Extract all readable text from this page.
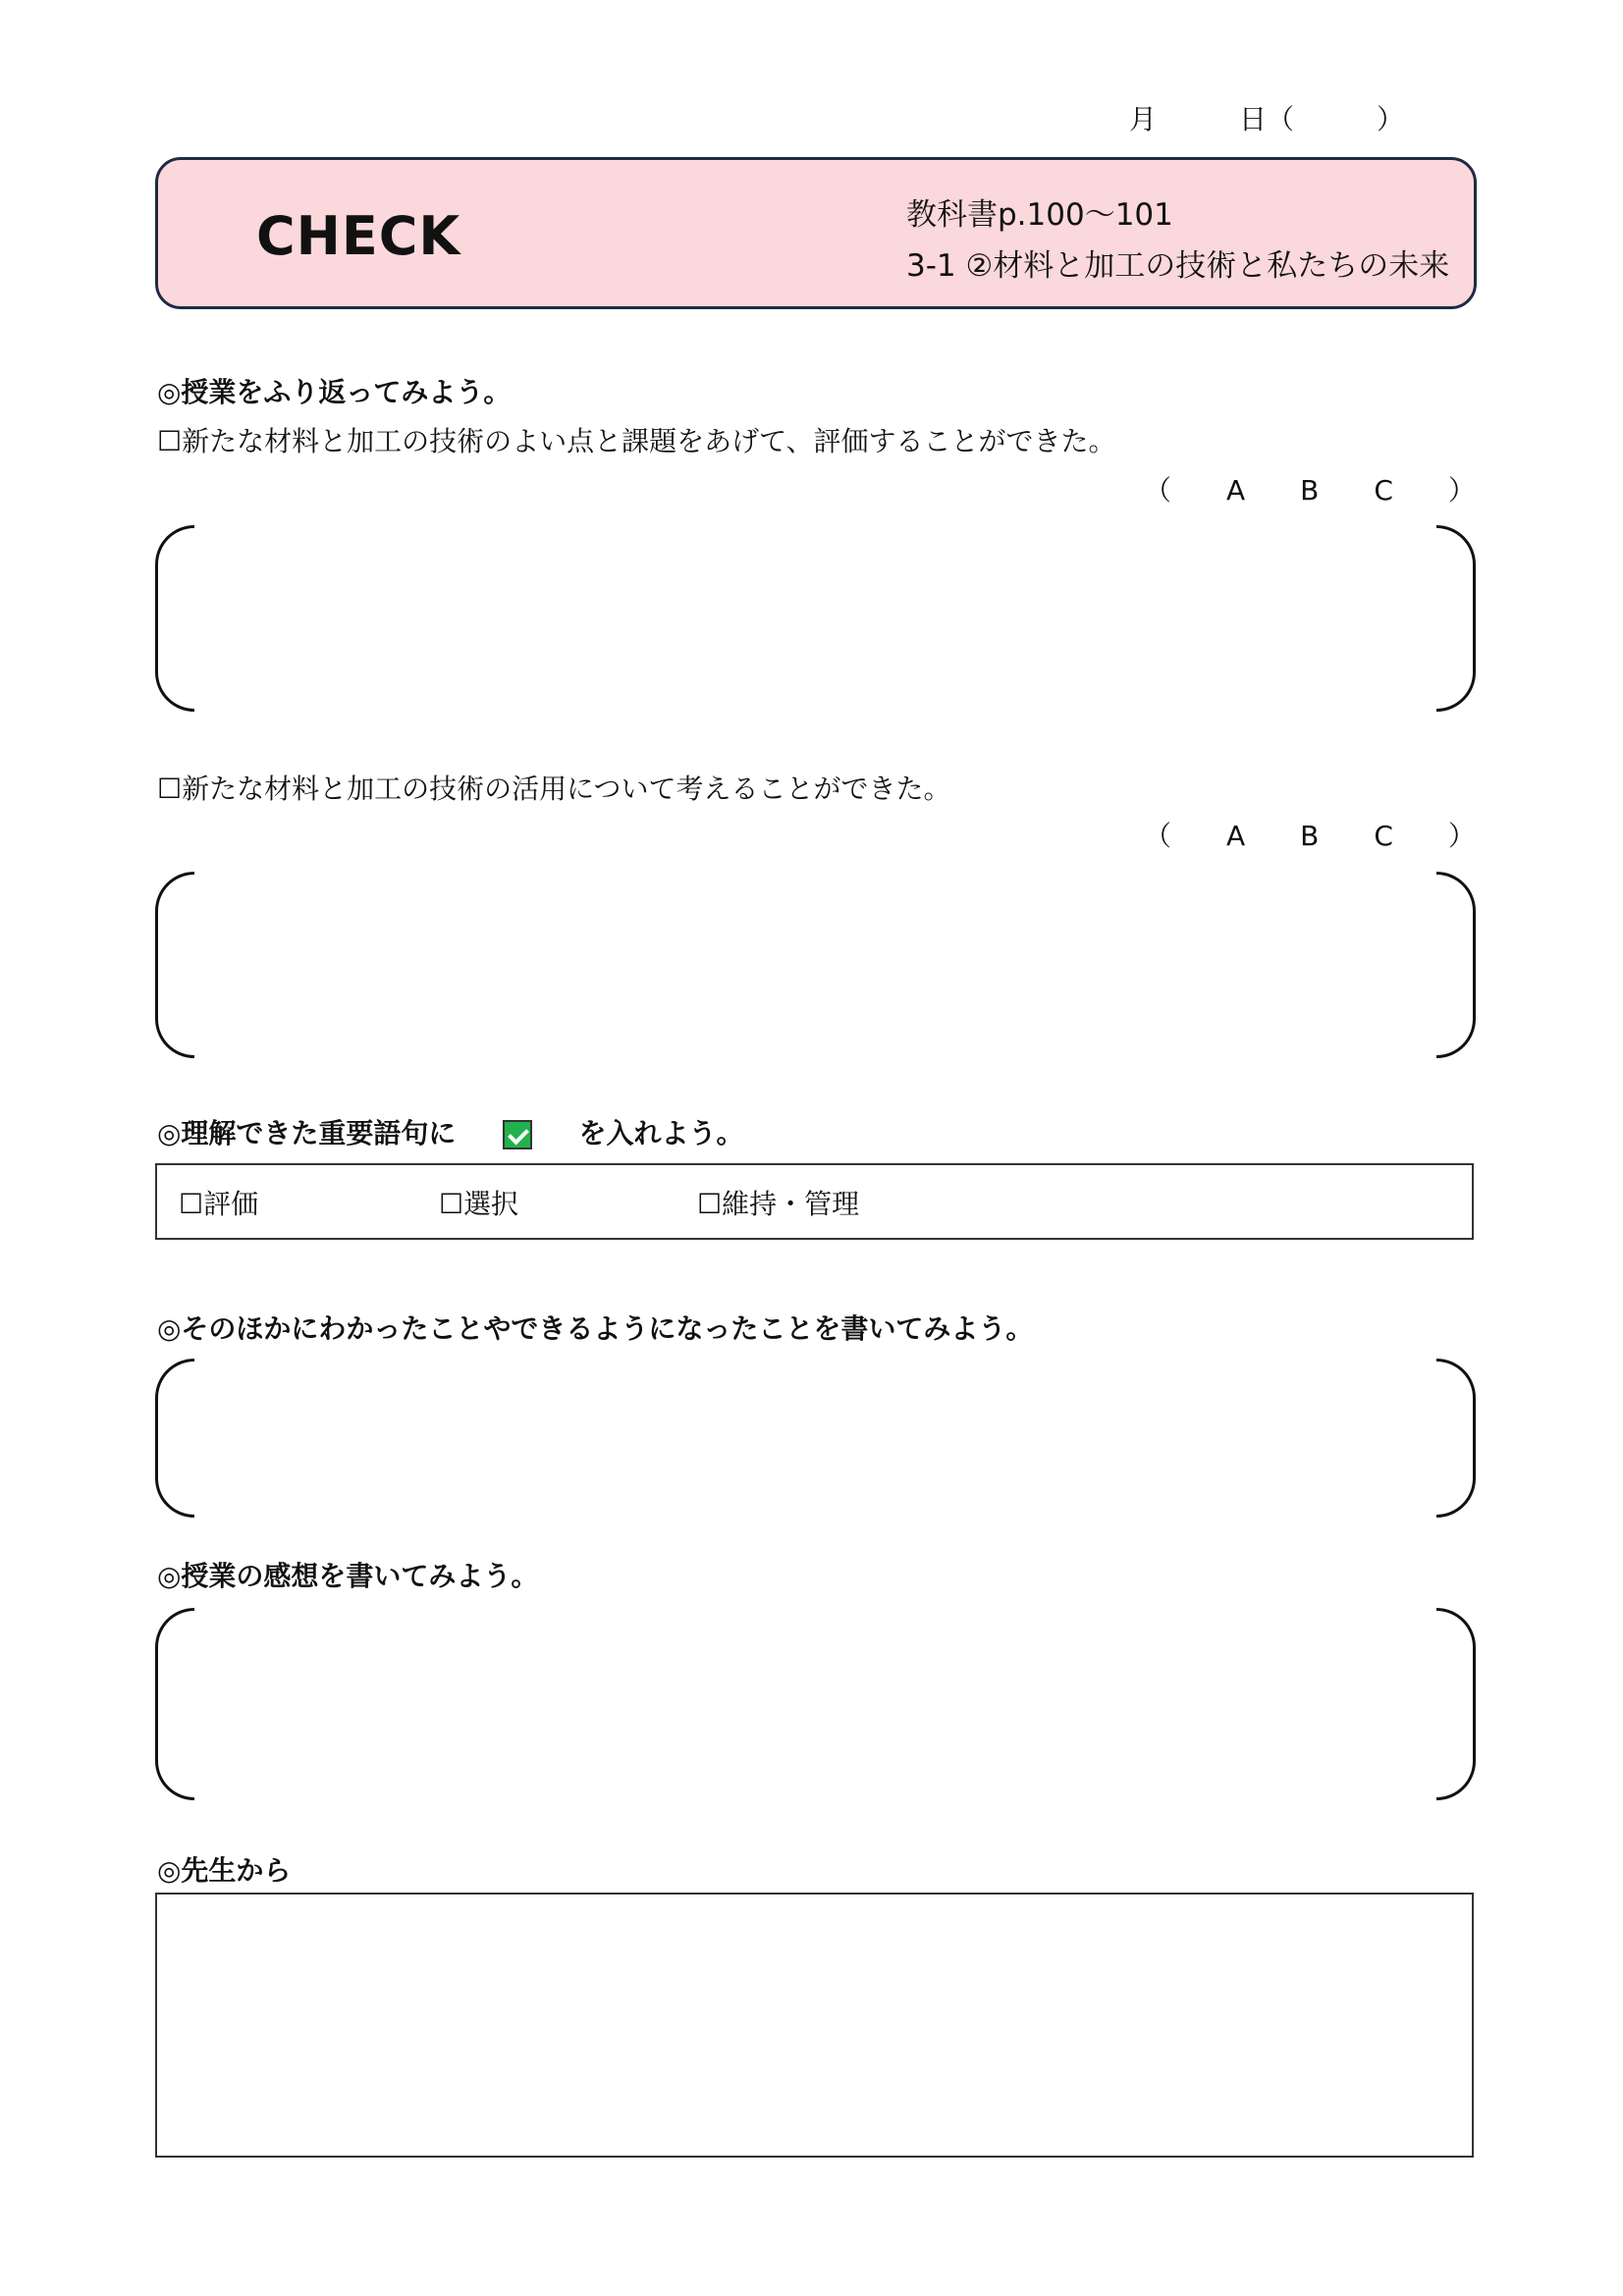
月　　　日（　　　）
CHECK	教科書p.100～101
3-1 ②材料と加工の技術と私たちの未来
◎授業をふり返ってみよう。
☐新たな材料と加工の技術のよい点と課題をあげて、評価することができた。
（　　A　　B　　C　　）
☐新たな材料と加工の技術の活用について考えることができた。
（　　A　　B　　C　　）
◎理解できた重要語句に	を入れよう。
☐評価	☐選択	☐維持・管理
◎そのほかにわかったことやできるようになったことを書いてみよう。
◎授業の感想を書いてみよう。
◎先生から
